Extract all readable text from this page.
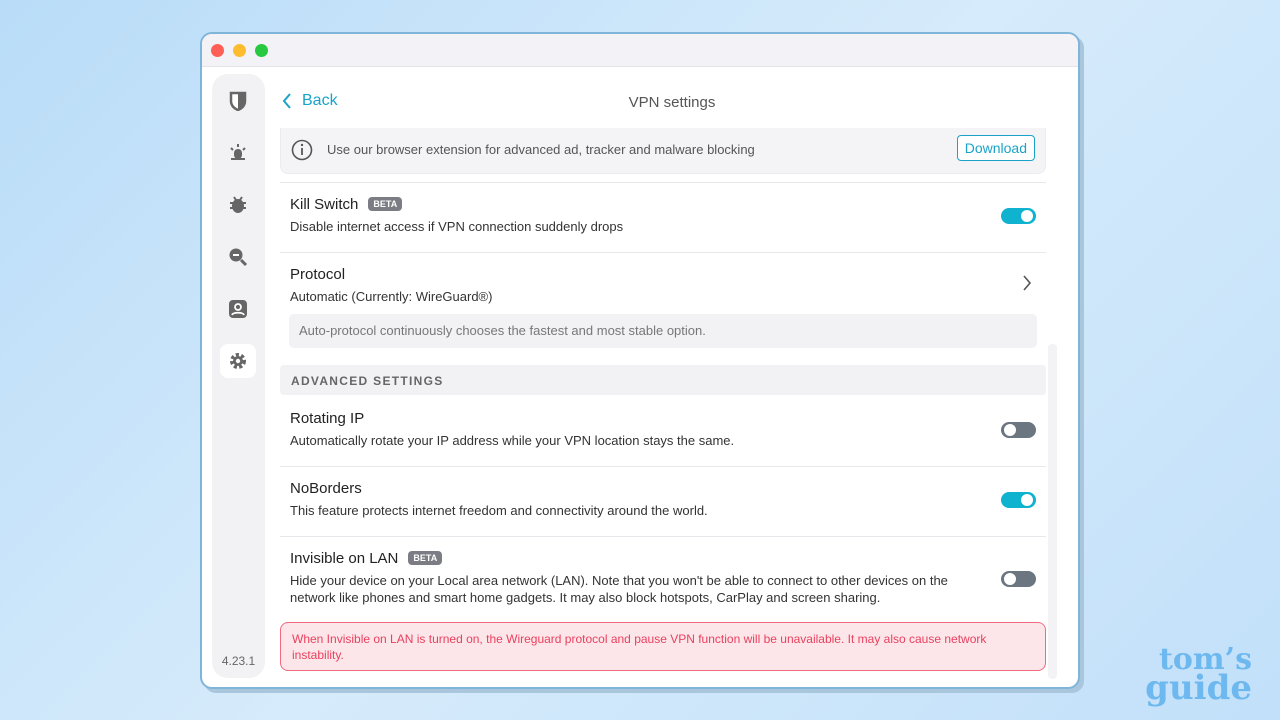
4.23.1
Back	VPN settings
Use our browser extension for advanced ad, tracker and malware blocking	Download
Kill Switch BETA
Disable internet access if VPN connection suddenly drops
Protocol
Automatic (Currently: WireGuard®)
Auto-protocol continuously chooses the fastest and most stable option.
ADVANCED SETTINGS
Rotating IP
Automatically rotate your IP address while your VPN location stays the same.
NoBorders
This feature protects internet freedom and connectivity around the world.
Invisible on LAN BETA
Hide your device on your Local area network (LAN). Note that you won't be able to connect to other devices on the network like phones and smart home gadgets. It may also block hotspots, CarPlay and screen sharing.
When Invisible on LAN is turned on, the Wireguard protocol and pause VPN function will be unavailable. It may also cause network instability.	tom’s
guide
